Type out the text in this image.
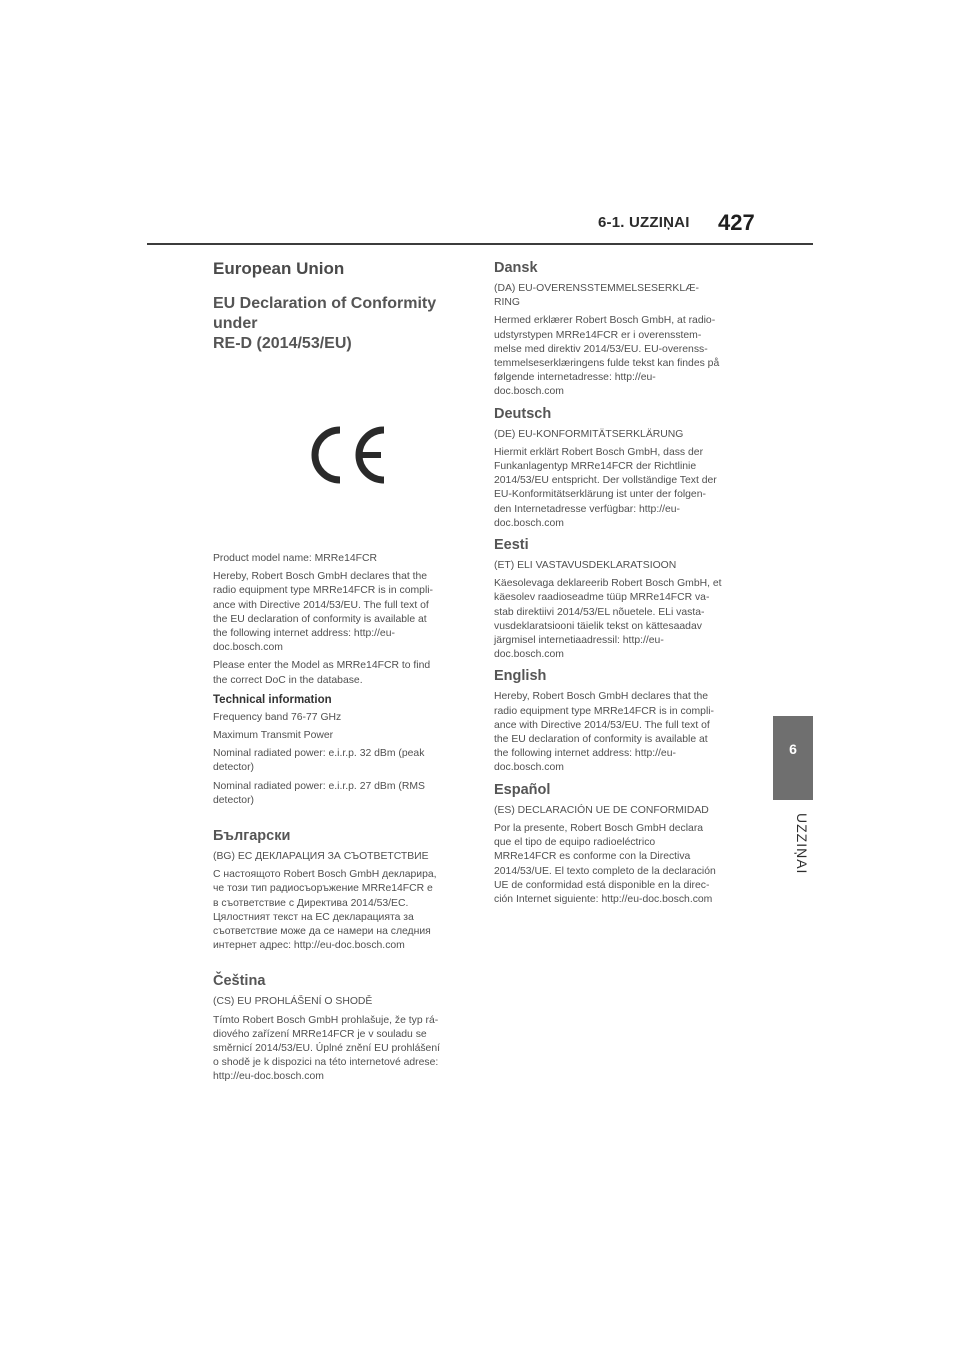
6-1. UZZIŅAI 427
6
UZZIŅAI
European Union
EU Declaration of Conformity under
RE-D (2014/53/EU)
Product model name: MRRe14FCR
Hereby, Robert Bosch GmbH declares that the
radio equipment type MRRe14FCR is in compli-
ance with Directive 2014/53/EU. The full text of
the EU declaration of conformity is available at
the following internet address: http://eu-
doc.bosch.com
Please enter the Model as MRRe14FCR to find
the correct DoC in the database.
Technical information
Frequency band 76-77 GHz
Maximum Transmit Power
Nominal radiated power: e.i.r.p. 32 dBm (peak
detector)
Nominal radiated power: e.i.r.p. 27 dBm (RMS
detector)
Български
(BG) ЕС ДЕКЛАРАЦИЯ ЗА СЪОТВЕТСТВИЕ
С настоящото Robert Bosch GmbH декларира,
че този тип радиосъоръжение MRRe14FCR е
в съответствие с Директива 2014/53/ЕС.
Цялостният текст на ЕС декларацията за
съответствие може да се намери на следния
интернет адрес: http://eu-doc.bosch.com
Čeština
(CS) EU PROHLÁŠENÍ O SHODĚ
Tímto Robert Bosch GmbH prohlašuje, že typ rá-
diového zařízení MRRe14FCR je v souladu se
směrnicí 2014/53/EU. Úplné znění EU prohlášení
o shodě je k dispozici na této internetové adrese:
http://eu-doc.bosch.com
Dansk
(DA) EU-OVERENSSTEMMELSESERKLÆ-
RING
Hermed erklærer Robert Bosch GmbH, at radio-
udstyrstypen MRRe14FCR er i overensstem-
melse med direktiv 2014/53/EU. EU-overenss-
temmelseserklæringens fulde tekst kan findes på
følgende internetadresse: http://eu-
doc.bosch.com
Deutsch
(DE) EU-KONFORMITÄTSERKLÄRUNG
Hiermit erklärt Robert Bosch GmbH, dass der
Funkanlagentyp MRRe14FCR der Richtlinie
2014/53/EU entspricht. Der vollständige Text der
EU-Konformitätserklärung ist unter der folgen-
den Internetadresse verfügbar: http://eu-
doc.bosch.com
Eesti
(ET) ELI VASTAVUSDEKLARATSIOON
Käesolevaga deklareerib Robert Bosch GmbH, et
käesolev raadioseadme tüüp MRRe14FCR va-
stab direktiivi 2014/53/EL nõuetele. ELi vasta-
vusdeklaratsiooni täielik tekst on kättesaadav
järgmisel internetiaadressil: http://eu-
doc.bosch.com
English
Hereby, Robert Bosch GmbH declares that the
radio equipment type MRRe14FCR is in compli-
ance with Directive 2014/53/EU. The full text of
the EU declaration of conformity is available at
the following internet address: http://eu-
doc.bosch.com
Español
(ES) DECLARACIÓN UE DE CONFORMIDAD
Por la presente, Robert Bosch GmbH declara
que el tipo de equipo radioeléctrico
MRRe14FCR es conforme con la Directiva
2014/53/UE. El texto completo de la declaración
UE de conformidad está disponible en la direc-
ción Internet siguiente: http://eu-doc.bosch.com
